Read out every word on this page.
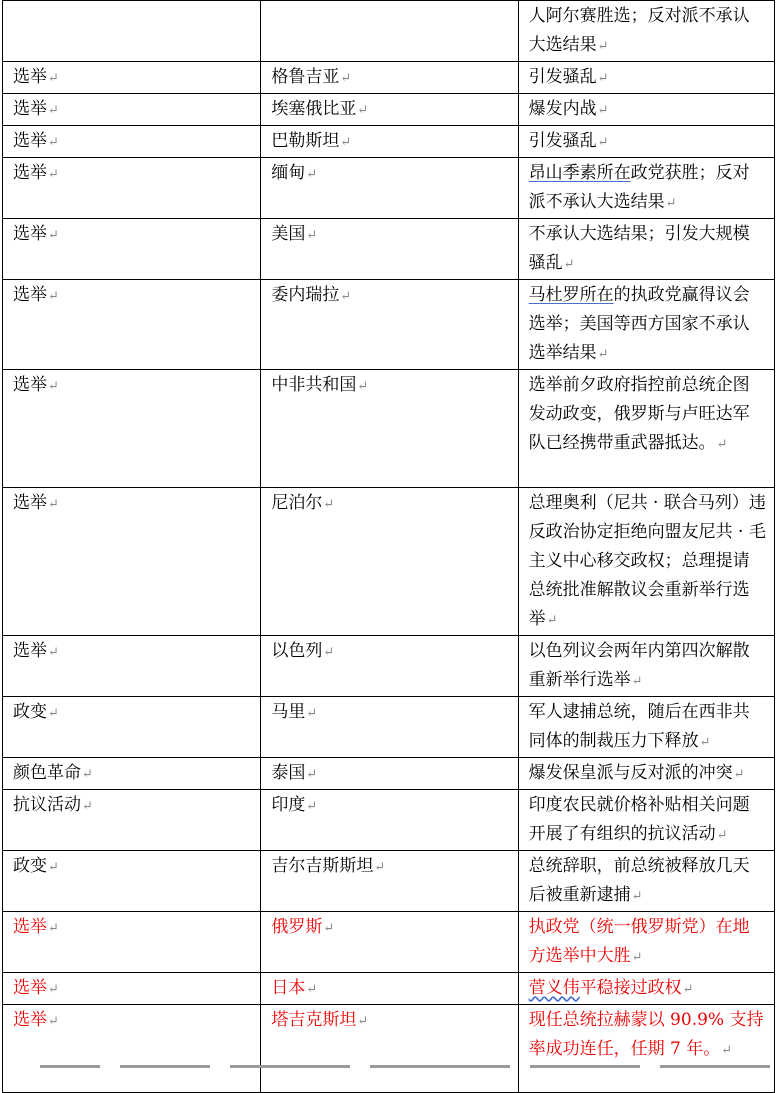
		人阿尔赛胜选；反对派不承认大选结果↵
选举↵	格鲁吉亚↵	引发骚乱↵
选举↵	埃塞俄比亚↵	爆发内战↵
选举↵	巴勒斯坦↵	引发骚乱↵
选举↵	缅甸↵	昂山季素所在政党获胜；反对派不承认大选结果↵
选举↵	美国↵	不承认大选结果；引发大规模骚乱↵
选举↵	委内瑞拉↵	马杜罗所在的执政党赢得议会选举；美国等西方国家不承认选举结果↵
选举↵	中非共和国↵	选举前夕政府指控前总统企图发动政变，俄罗斯与卢旺达军队已经携带重武器抵达。↵
选举↵	尼泊尔↵	总理奥利（尼共 · 联合马列）违反政治协定拒绝向盟友尼共 · 毛主义中心移交政权；总理提请总统批准解散议会重新举行选举↵
选举↵	以色列↵	以色列议会两年内第四次解散重新举行选举↵
政变↵	马里↵	军人逮捕总统，随后在西非共同体的制裁压力下释放↵
颜色革命↵	泰国↵	爆发保皇派与反对派的冲突↵
抗议活动↵	印度↵	印度农民就价格补贴相关问题开展了有组织的抗议活动↵
政变↵	吉尔吉斯斯坦↵	总统辞职，前总统被释放几天后被重新逮捕↵
选举↵	俄罗斯↵	执政党（统一俄罗斯党）在地方选举中大胜↵
选举↵	日本↵	菅义伟平稳接过政权↵
选举↵	塔吉克斯坦↵	现任总统拉赫蒙以 90.9% 支持率成功连任，任期 7 年。↵
